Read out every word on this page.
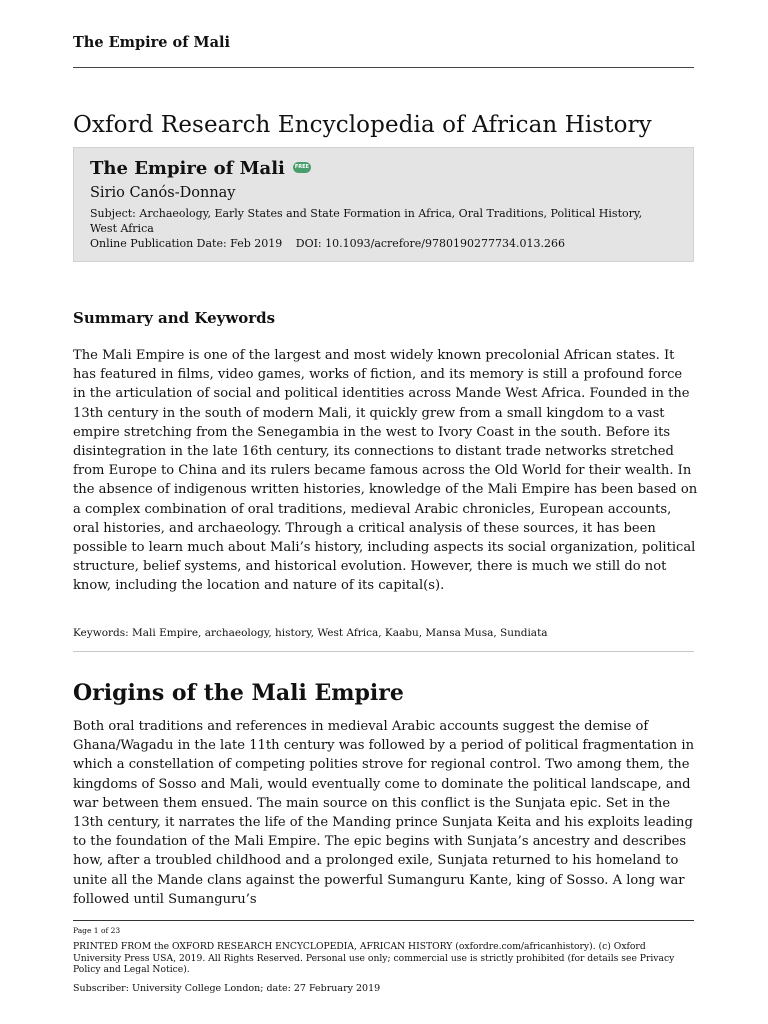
The Empire of Mali
Oxford Research Encyclopedia of African History
The Empire of Mali FREE
Sirio Canós-Donnay
Subject: Archaeology, Early States and State Formation in Africa, Oral Traditions, Political History, West Africa
Online Publication Date: Feb 2019 DOI: 10.1093/acrefore/9780190277734.013.266
Summary and Keywords

The Mali Empire is one of the largest and most widely known precolonial African states. It has featured in films, video games, works of fiction, and its memory is still a profound force in the articulation of social and political identities across Mande West Africa. Founded in the 13th century in the south of modern Mali, it quickly grew from a small kingdom to a vast empire stretching from the Senegambia in the west to Ivory Coast in the south. Before its disintegration in the late 16th century, its connections to distant trade networks stretched from Europe to China and its rulers became famous across the Old World for their wealth. In the absence of indigenous written histories, knowledge of the Mali Empire has been based on a complex combination of oral traditions, medieval Arabic chronicles, European accounts, oral histories, and archaeology. Through a critical analysis of these sources, it has been possible to learn much about Mali’s history, including aspects its social organization, political structure, belief systems, and historical evolution. However, there is much we still do not know, including the location and nature of its capital(s).

Keywords: Mali Empire, archaeology, history, West Africa, Kaabu, Mansa Musa, Sundiata
Origins of the Mali Empire

Both oral traditions and references in medieval Arabic accounts suggest the demise of Ghana/Wagadu in the late 11th century was followed by a period of political fragmentation in which a constellation of competing polities strove for regional control. Two among them, the kingdoms of Sosso and Mali, would eventually come to dominate the political landscape, and war between them ensued. The main source on this conflict is the Sunjata epic. Set in the 13th century, it narrates the life of the Manding prince Sunjata Keita and his exploits leading to the foundation of the Mali Empire. The epic begins with Sunjata’s ancestry and describes how, after a troubled childhood and a prolonged exile, Sunjata returned to his homeland to unite all the Mande clans against the powerful Sumanguru Kante, king of Sosso. A long war followed until Sumanguru’s

Page 1 of 23
PRINTED FROM the OXFORD RESEARCH ENCYCLOPEDIA, AFRICAN HISTORY (oxfordre.com/africanhistory). (c) Oxford University Press USA, 2019. All Rights Reserved. Personal use only; commercial use is strictly prohibited (for details see Privacy Policy and Legal Notice).
Subscriber: University College London; date: 27 February 2019
